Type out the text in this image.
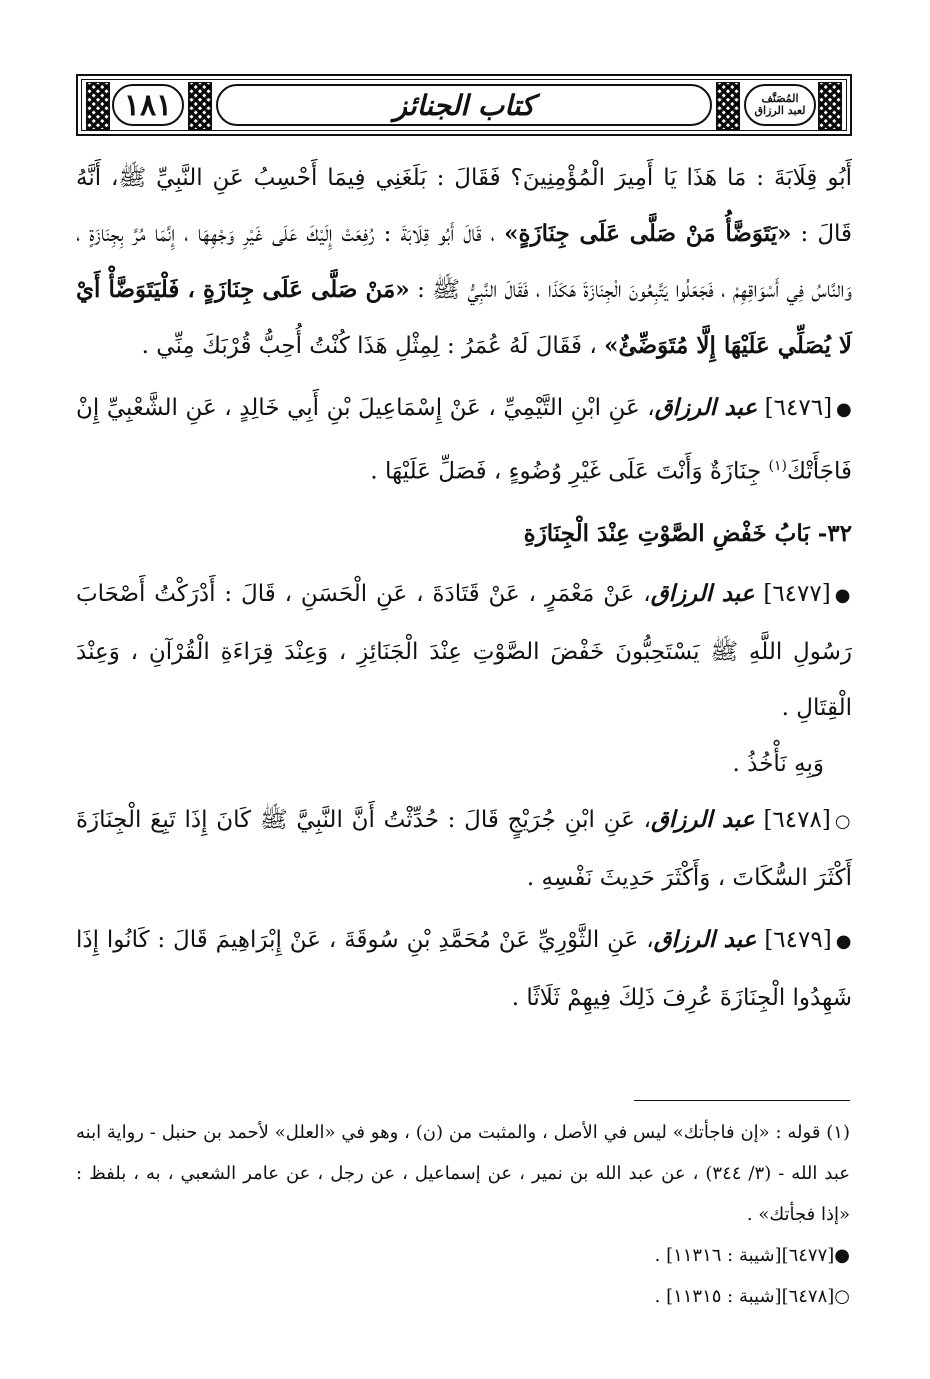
١٨١	كتاب الجنائز	المُصَنَّف
لعبد الرزاق

أَبُو قِلَابَةَ : مَا هَذَا يَا أَمِيرَ الْمُؤْمِنِينَ؟ فَقَالَ : بَلَغَنِي فِيمَا أَحْسِبُ عَنِ النَّبِيِّ ﷺ، أَنَّهُ قَالَ : «يَتَوَضَّأُ مَنْ صَلَّى عَلَى جِنَازَةٍ» ، قَالَ أَبُو قِلَابَةَ : رُفِعَتْ إِلَيْكَ عَلَى غَيْرِ وَجْهِهَا ، إِنَّمَا مُرَّ بِجِنَازَةٍ ، وَالنَّاسُ فِي أَسْوَاقِهِمْ ، فَجَعَلُوا يَتَّبِعُونَ الْجِنَازَةَ هَكَذَا ، فَقَالَ النَّبِيُّ ﷺ : «مَنْ صَلَّى عَلَى جِنَازَةٍ ، فَلْيَتَوَضَّأْ أَيْ لَا يُصَلِّي عَلَيْهَا إِلَّا مُتَوَضِّئٌ» ، فَقَالَ لَهُ عُمَرُ : لِمِثْلِ هَذَا كُنْتُ أُحِبُّ قُرْبَكَ مِنِّي .

●[٦٤٧٦] عبد الرزاق، عَنِ ابْنِ التَّيْمِيِّ ، عَنْ إِسْمَاعِيلَ بْنِ أَبِي خَالِدٍ ، عَنِ الشَّعْبِيِّ إِنْ فَاجَأَتْكَ$^{(١)}$ جِنَازَةٌ وَأَنْتَ عَلَى غَيْرِ وُضُوءٍ ، فَصَلِّ عَلَيْهَا .

٣٢- بَابُ خَفْضِ الصَّوْتِ عِنْدَ الْجِنَازَةِ

●[٦٤٧٧] عبد الرزاق، عَنْ مَعْمَرٍ ، عَنْ قَتَادَةَ ، عَنِ الْحَسَنِ ، قَالَ : أَدْرَكْتُ أَصْحَابَ رَسُولِ اللَّهِ ﷺ يَسْتَحِبُّونَ خَفْضَ الصَّوْتِ عِنْدَ الْجَنَائِزِ ، وَعِنْدَ قِرَاءَةِ الْقُرْآنِ ، وَعِنْدَ الْقِتَالِ .

وَبِهِ نَأْخُذُ .

○[٦٤٧٨] عبد الرزاق، عَنِ ابْنِ جُرَيْجٍ قَالَ : حُدِّثْتُ أَنَّ النَّبِيَّ ﷺ كَانَ إِذَا تَبِعَ الْجِنَازَةَ أَكْثَرَ السُّكَاتَ ، وَأَكْثَرَ حَدِيثَ نَفْسِهِ .

●[٦٤٧٩] عبد الرزاق، عَنِ الثَّوْرِيِّ عَنْ مُحَمَّدِ بْنِ سُوقَةَ ، عَنْ إِبْرَاهِيمَ قَالَ : كَانُوا إِذَا شَهِدُوا الْجِنَازَةَ عُرِفَ ذَلِكَ فِيهِمْ ثَلَاثًا .

(١) قوله : «إن فاجأتك» ليس في الأصل ، والمثبت من (ن) ، وهو في «العلل» لأحمد بن حنبل - رواية ابنه عبد الله - (٣/ ٣٤٤) ، عن عبد الله بن نمير ، عن إسماعيل ، عن رجل ، عن عامر الشعبي ، به ، بلفظ : «إذا فجأتك» .

●[٦٤٧٧][شيبة : ١١٣١٦] .

○[٦٤٧٨][شيبة : ١١٣١٥] .
